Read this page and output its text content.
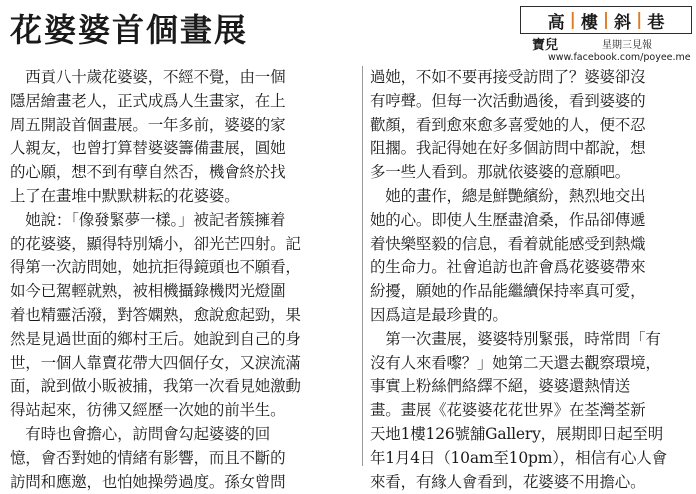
花婆婆首個畫展	高 | 樓 | 斜 | 巷
寶兒	星期三見報
www.facebook.com/poyee.me

　西貢八十歲花婆婆，不經不覺，由一個
隱居繪畫老人，正式成爲人生畫家，在上
周五開設首個畫展。一年多前，婆婆的家
人親友，也曾打算替婆婆籌備畫展，圓她
的心願，想不到有孽自然否，機會終於找
上了在畫堆中默默耕耘的花婆婆。

　她說：「像發緊夢一樣。」被記者簇擁着
的花婆婆，顯得特別矯小，卻光芒四射。記
得第一次訪問她，她抗拒得鏡頭也不願看，
如今已駕輕就熟，被相機攝錄機閃光燈圍
着也精靈活潑，對答嫻熟，愈說愈起勁，果
然是見過世面的鄉村王后。她說到自己的身
世，一個人靠賣花帶大四個仔女，又淚流滿
面，說到做小販被捕，我第一次看見她激動
得站起來，彷彿又經歷一次她的前半生。

　有時也會擔心，訪問會勾起婆婆的回
憶，會否對她的情緒有影響，而且不斷的
訪問和應邀，也怕她操勞過度。孫女曾問

過她，不如不要再接受訪問了？婆婆卻沒
有哼聲。但每一次活動過後，看到婆婆的
歡顏，看到愈來愈多喜愛她的人，便不忍
阻擱。我記得她在好多個訪問中都說，想
多一些人看到。那就依婆婆的意願吧。

　她的畫作，總是鮮艷繽紛，熱烈地交出
她的心。即使人生歷盡滄桑，作品卻傳遞
着快樂堅毅的信息，看着就能感受到熱熾
的生命力。社會追訪也許會爲花婆婆帶來
紛擾，願她的作品能繼續保持率真可愛，
因爲這是最珍貴的。

　第一次畫展，婆婆特別緊張，時常問「有
沒有人來看嚟？」她第二天還去觀察環境，
事實上粉絲們絡繹不絕，婆婆還熱情送
畫。畫展《花婆婆花花世界》在荃灣荃新
天地1樓126號舖Gallery，展期即日起至明
年1月4日（10am至10pm），相信有心人會
來看，有緣人會看到，花婆婆不用擔心。
